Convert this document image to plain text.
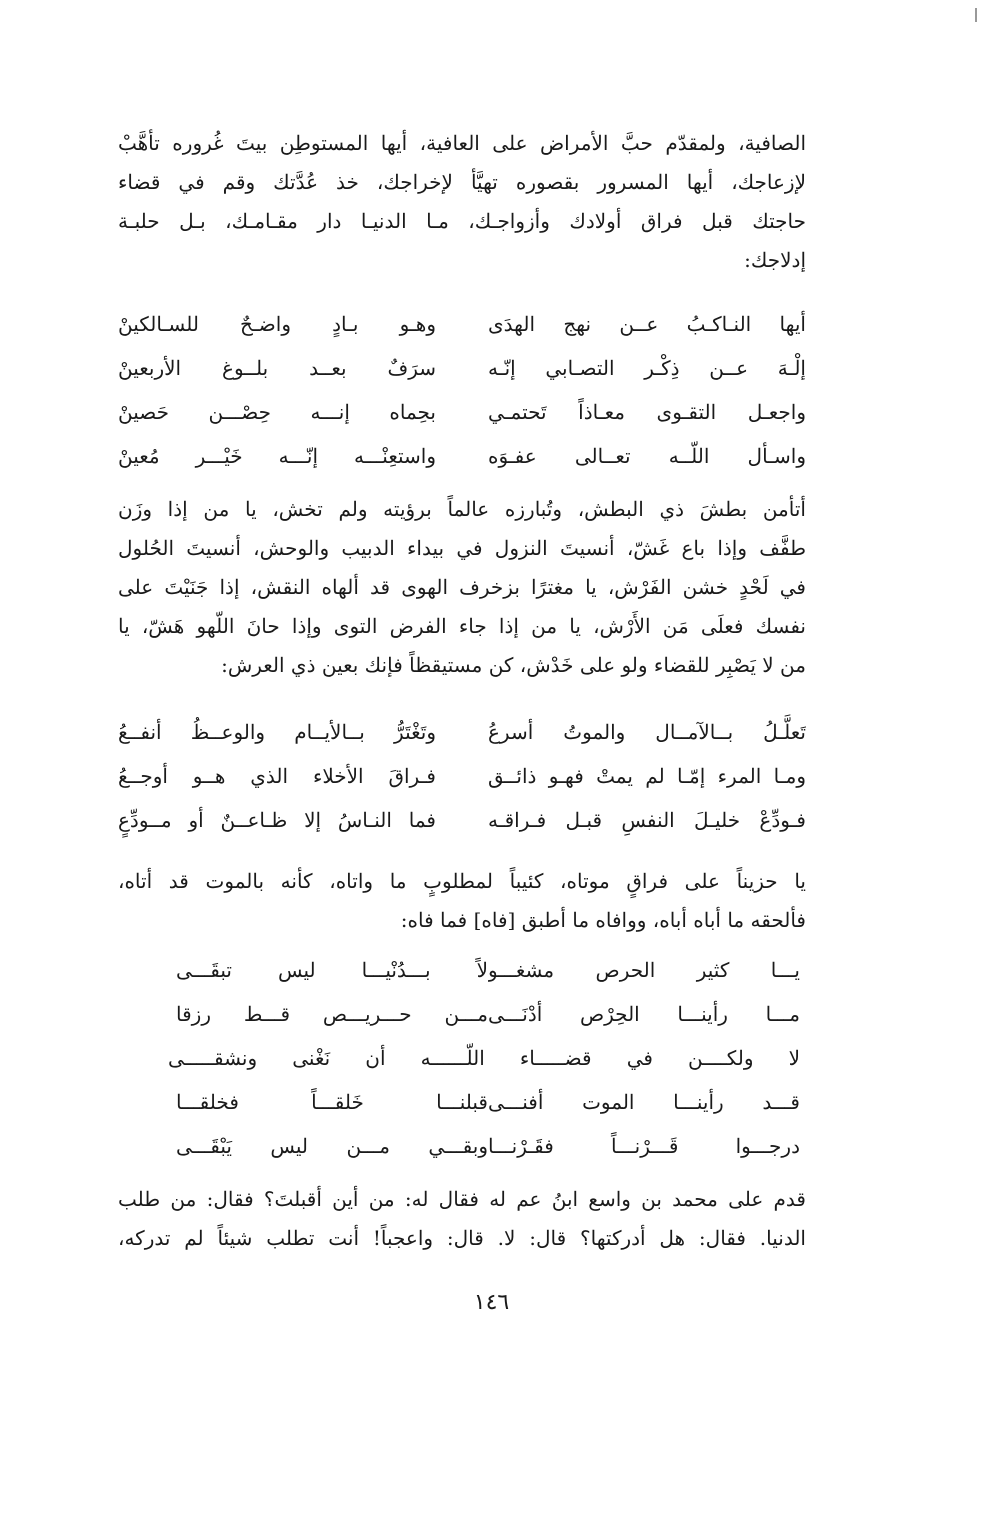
الصافية، ولمقدّم حبَّ الأمراض على العافية، أيها المستوطِن بيتَ غُروره تأهَّبْ
لإزعاجك، أيها المسرور بقصوره تهيَّأ لإخراجك، خذ عُدَّتك وقم في قضاء
حاجتك قبل فراق أولادك وأزواجـك، مـا الدنيـا دار مقـامـك، بـل حلبـة
إدلاجك:
أيها النـاكـبُ عــن نهج الهدَى
وهـو بـادٍ واضـحٌ للسـالكينْ
إلْـهَ عــن ذِكْـر التصـابي إنّـه
سرَفٌ بعــد بلــوغ الأربعينْ
واجعـل التقـوى معـاذاً تَحتمـي
بحِماه إنـــه حِصْـــن حَصينْ
واسـأل اللّــه تعــالى عفـوَه
واستعِنْـــه إنّـــه خَيْـــر مُعينْ
أتأمن بطشَ ذي البطش، وتُبارزه عالماً برؤيته ولم تخش، يا من إذا وزَن
طفَّف وإذا باع غَشّ، أنسيتَ النزول في بيداء الدبيب والوحش، أنسيتَ الحُلول
في لَحْدٍ خشن الفَرْش، يا مغترًا بزخرف الهوى قد ألهاه النقش، إذا جَنَيْتَ على
نفسك فعلَى مَن الأَرْش، يا من إذا جاء الفرض التوى وإذا حانَ اللّهو هَشّ، يا
من لا يَصْبِر للقضاء ولو على خَدْش، كن مستيقظاً فإنك بعين ذي العرش:
تَعلَّـلُ بــالآمــال والموتُ أسرعُ
وتَغْتَرُّ بــالأيــام والوعــظُ أنفــعُ
ومـا المرء إمّـا لم يمتْ فهـو ذائــق
فـراقَ الأخلاء الذي هــو أوجــعُ
فـودِّعْ خليـلَ النفسِ قبـل فـراقـه
فما النـاسُ إلا ظـاعــنٌ أو مــودِّعٍ
يا حزيناً على فراقٍ موتاه، كئيباً لمطلوبٍ ما واتاه، كأنه بالموت قد أتاه،
فألحقه ما أباه أباه، ووافاه ما أطبق [فاه] فما فاه:
يـــا كثير الحرص مشغـــو
لاً بـــدُنْيـــا ليس تبقَـــى
مـــا رأينـــا الحِرْص أدْنَـــى
مـــن حـــريـــص قـــط رزقا
لا ولكــــن في قضـــــاء اللّــــــه أن نَغْنى ونشقـــــى
قـــد رأينـــا الموت أفنـــى
قبلنـــا خَلقـــاً فخلقـــا
درجـــوا قَـــرْنـــاً فقَـرْنـــا
وبقـــي مـــن ليس يَبْقَـــى
قدم على محمد بن واسع ابنُ عم له فقال له: من أين أقبلتَ؟ فقال: من طلب
الدنيا. فقال: هل أدركتها؟ قال: لا. قال: واعجباً! أنت تطلب شيئاً لم تدركه،
١٤٦
